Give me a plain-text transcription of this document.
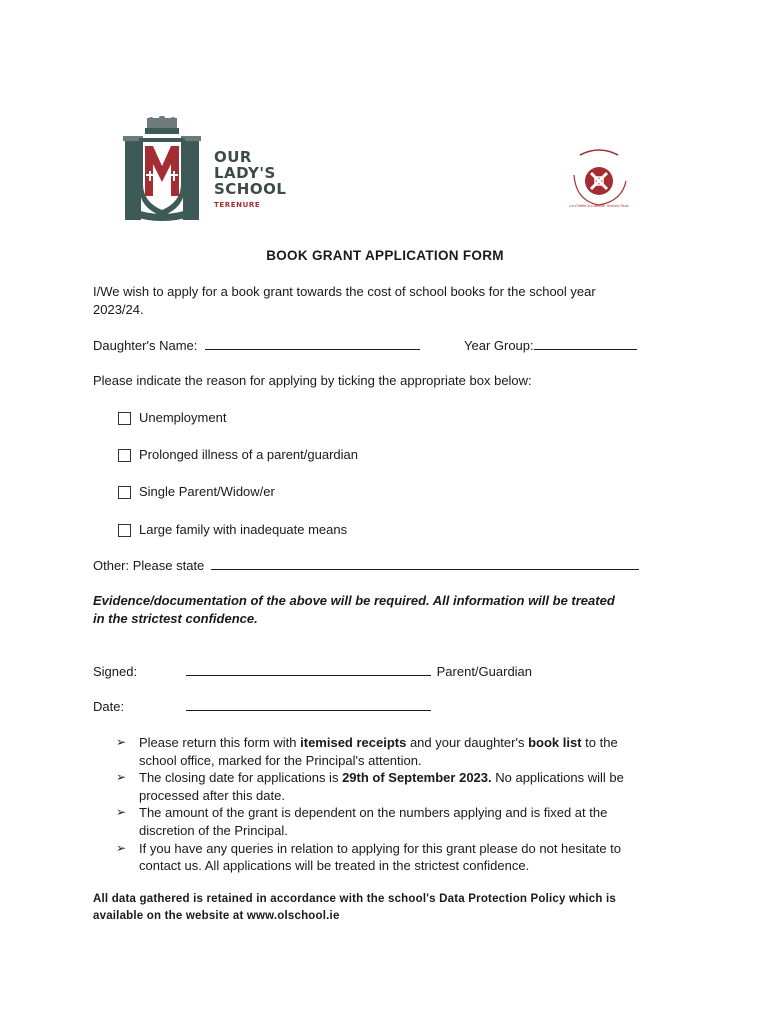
OUR
LADY'S
SCHOOL
TERENURE	Le Chéile A Catholic School Trust
BOOK GRANT APPLICATION FORM
I/We wish to apply for a book grant towards the cost of school books for the school year
2023/24.
Daughter's Name:	Year Group:
Please indicate the reason for applying by ticking the appropriate box below:
Unemployment
Prolonged illness of a parent/guardian
Single Parent/Widow/er
Large family with inadequate means
Other: Please state
Evidence/documentation of the above will be required. All information will be treated
in the strictest confidence.
Signed:	Parent/Guardian
Date:
➢ Please return this form with itemised receipts and your daughter's book list to the
school office, marked for the Principal's attention.
➢ The closing date for applications is 29th of September 2023. No applications will be
processed after this date.
➢ The amount of the grant is dependent on the numbers applying and is fixed at the
discretion of the Principal.
➢ If you have any queries in relation to applying for this grant please do not hesitate to
contact us. All applications will be treated in the strictest confidence.
All data gathered is retained in accordance with the school's Data Protection Policy which is
available on the website at www.olschool.ie
